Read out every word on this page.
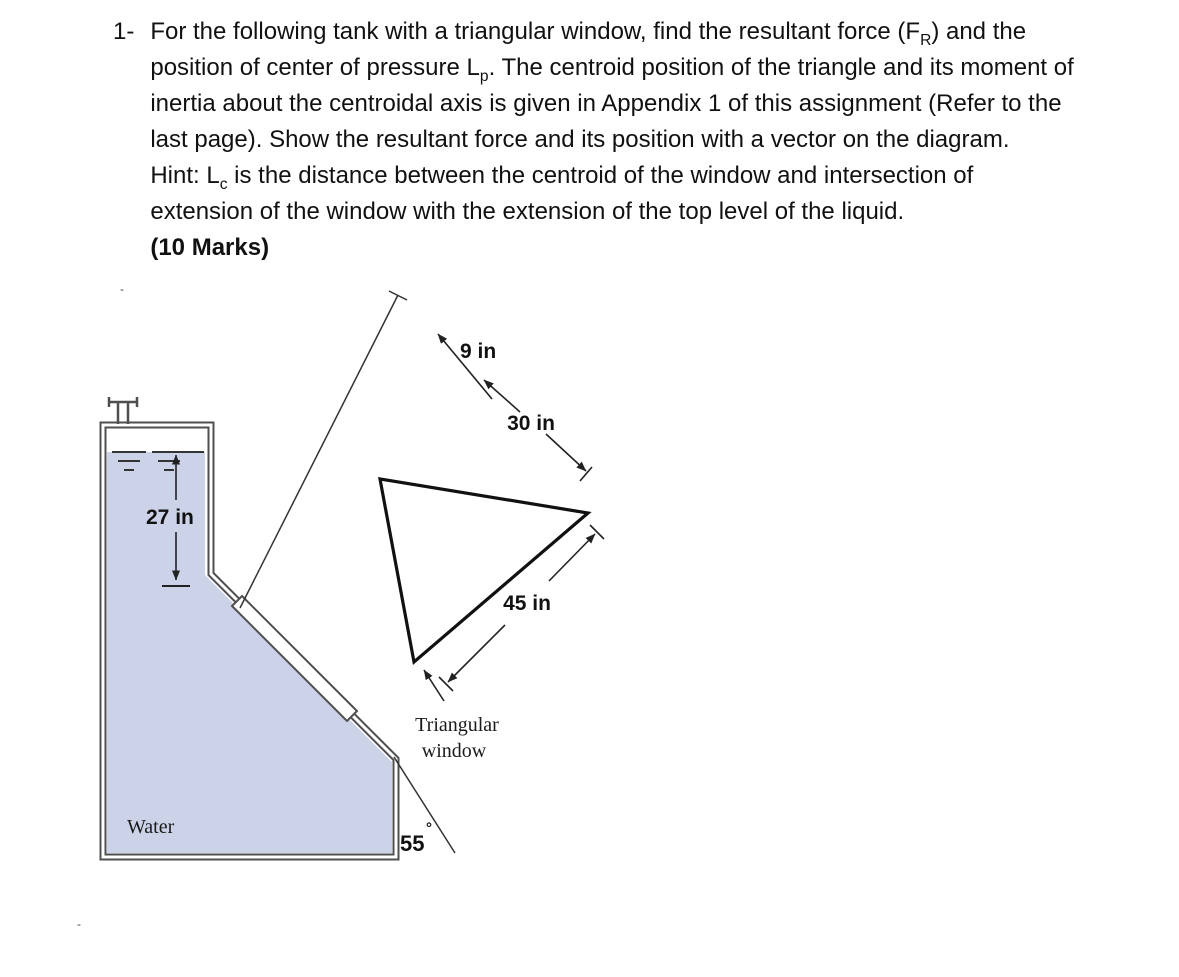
1- For the following tank with a triangular window, find the resultant force $(F_R)$ and the
position of center of pressure $L_p$. The centroid position of the triangle and its moment of
inertia about the centroidal axis is given in Appendix 1 of this assignment (Refer to the
last page). Show the resultant force and its position with a vector on the diagram.
Hint: $L_c$ is the distance between the centroid of the window and intersection of
extension of the window with the extension of the top level of the liquid.
(10 Marks)
-
-
27 in
9 in
30 in
45 in
Triangular
window
55
°
Water
